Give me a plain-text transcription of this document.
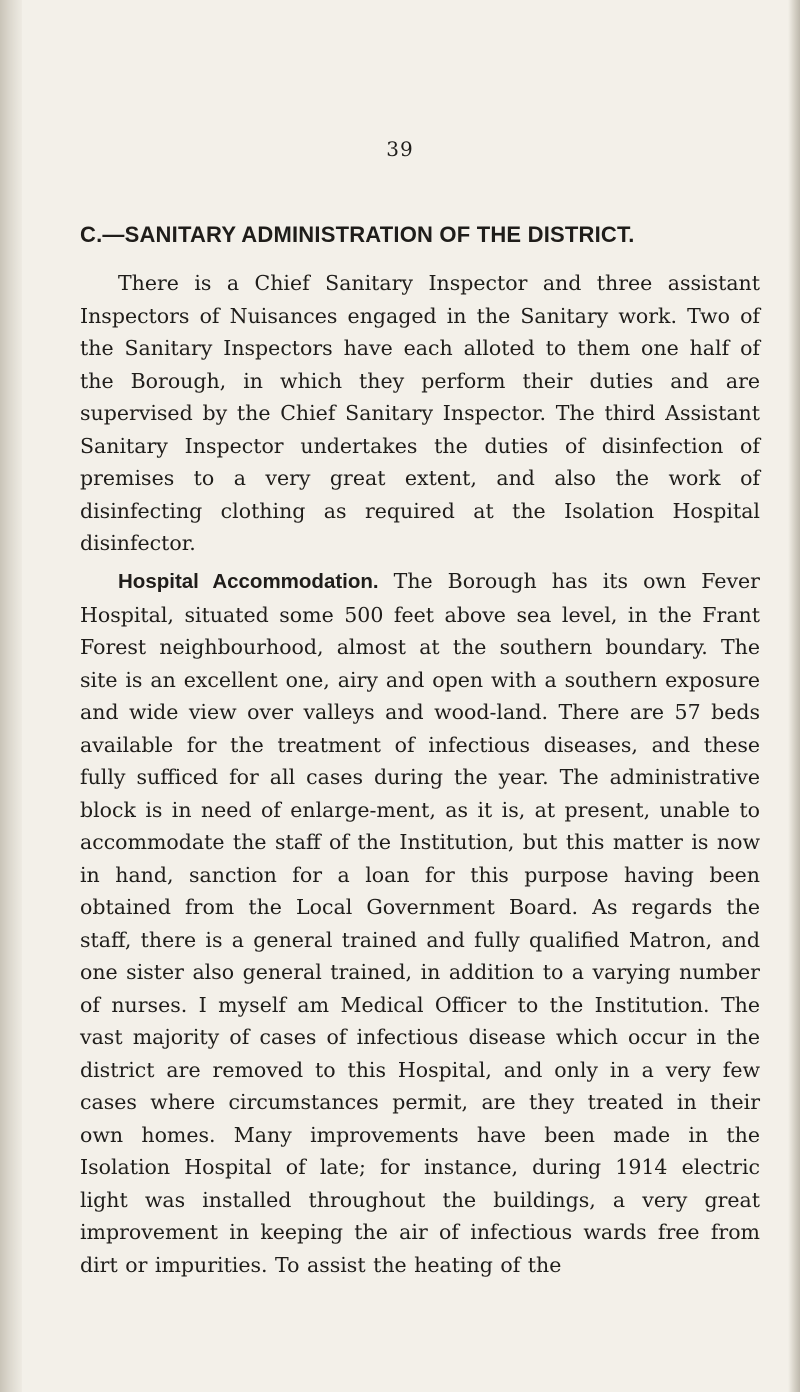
39
C.—SANITARY ADMINISTRATION OF THE DISTRICT.

There is a Chief Sanitary Inspector and three assistant Inspectors of Nuisances engaged in the Sanitary work. Two of the Sanitary Inspectors have each alloted to them one half of the Borough, in which they perform their duties and are supervised by the Chief Sanitary Inspector. The third Assistant Sanitary Inspector undertakes the duties of disinfection of premises to a very great extent, and also the work of disinfecting clothing as required at the Isolation Hospital disinfector.

Hospital Accommodation. The Borough has its own Fever Hospital, situated some 500 feet above sea level, in the Frant Forest neighbourhood, almost at the southern boundary. The site is an excellent one, airy and open with a southern exposure and wide view over valleys and wood-land. There are 57 beds available for the treatment of infectious diseases, and these fully sufficed for all cases during the year. The administrative block is in need of enlarge-ment, as it is, at present, unable to accommodate the staff of the Institution, but this matter is now in hand, sanction for a loan for this purpose having been obtained from the Local Government Board. As regards the staff, there is a general trained and fully qualified Matron, and one sister also general trained, in addition to a varying number of nurses. I myself am Medical Officer to the Institution. The vast majority of cases of infectious disease which occur in the district are removed to this Hospital, and only in a very few cases where circumstances permit, are they treated in their own homes. Many improvements have been made in the Isolation Hospital of late; for instance, during 1914 electric light was installed throughout the buildings, a very great improvement in keeping the air of infectious wards free from dirt or impurities. To assist the heating of the
